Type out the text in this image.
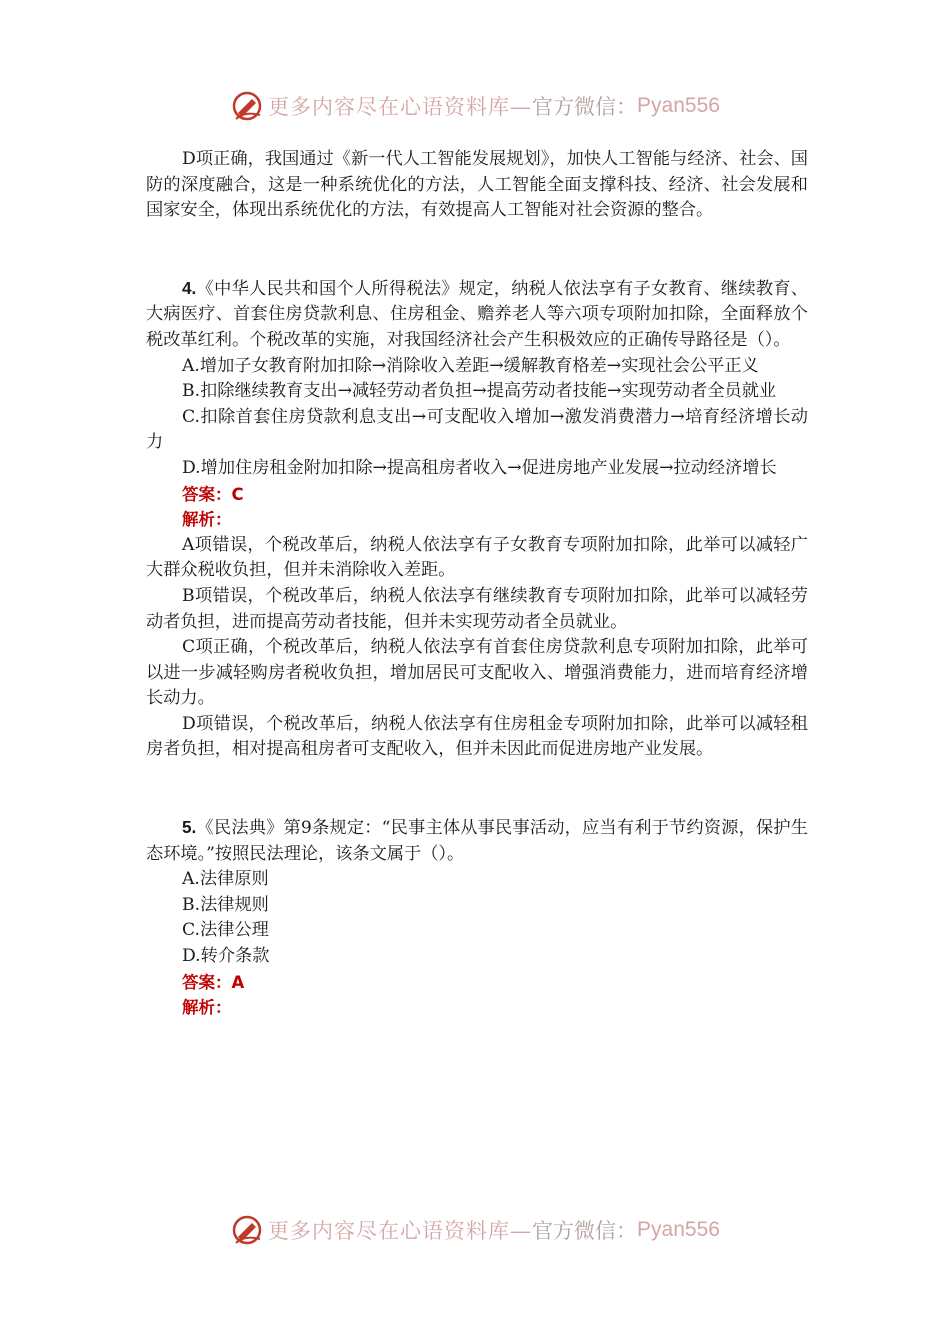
更多内容尽在心语资料库— 官方微信： Pyan556

D项正确，我国通过《新一代人工智能发展规划》，加快人工智能与经济、社会、国防的深度融合，这是一种系统优化的方法，人工智能全面支撑科技、经济、社会发展和国家安全，体现出系统优化的方法，有效提高人工智能对社会资源的整合。

4.《中华人民共和国个人所得税法》规定，纳税人依法享有子女教育、继续教育、大病医疗、首套住房贷款利息、住房租金、赡养老人等六项专项附加扣除，全面释放个税改革红利。个税改革的实施，对我国经济社会产生积极效应的正确传导路径是（）。

A.增加子女教育附加扣除→消除收入差距→缓解教育格差→实现社会公平正义

B.扣除继续教育支出→减轻劳动者负担→提高劳动者技能→实现劳动者全员就业

C.扣除首套住房贷款利息支出→可支配收入增加→激发消费潜力→培育经济增长动力

D.增加住房租金附加扣除→提高租房者收入→促进房地产业发展→拉动经济增长

答案：C

解析：

A项错误，个税改革后，纳税人依法享有子女教育专项附加扣除，此举可以减轻广大群众税收负担，但并未消除收入差距。

B项错误，个税改革后，纳税人依法享有继续教育专项附加扣除，此举可以减轻劳动者负担，进而提高劳动者技能，但并未实现劳动者全员就业。

C项正确，个税改革后，纳税人依法享有首套住房贷款利息专项附加扣除，此举可以进一步减轻购房者税收负担，增加居民可支配收入、增强消费能力，进而培育经济增长动力。

D项错误，个税改革后，纳税人依法享有住房租金专项附加扣除，此举可以减轻租房者负担，相对提高租房者可支配收入，但并未因此而促进房地产业发展。

5.《民法典》第9条规定：“民事主体从事民事活动，应当有利于节约资源，保护生态环境。”按照民法理论，该条文属于（）。

A.法律原则

B.法律规则

C.法律公理

D.转介条款

答案：A

解析：

更多内容尽在心语资料库— 官方微信： Pyan556
